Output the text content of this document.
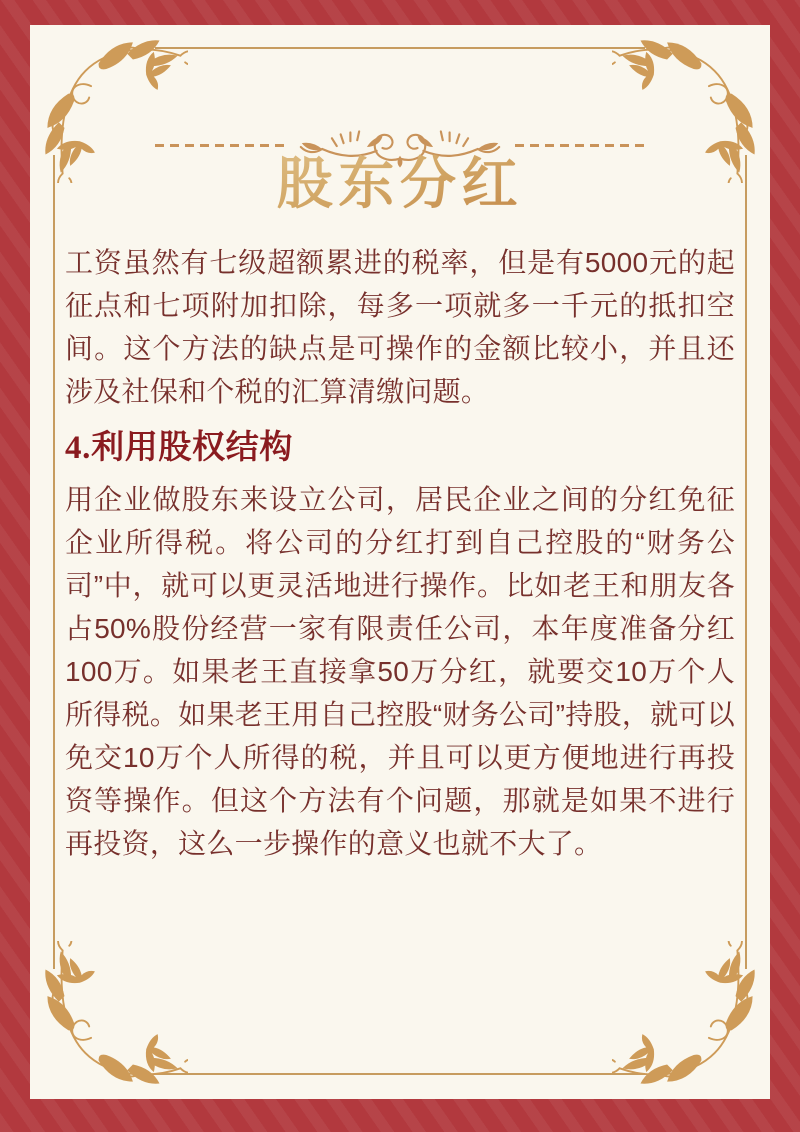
股东分红

工资虽然有七级超额累进的税率，但是有5000元的起征点和七项附加扣除，每多一项就多一千元的抵扣空间。这个方法的缺点是可操作的金额比较小，并且还涉及社保和个税的汇算清缴问题。

4.利用股权结构

用企业做股东来设立公司，居民企业之间的分红免征企业所得税。将公司的分红打到自己控股的“财务公司”中，就可以更灵活地进行操作。比如老王和朋友各占50%股份经营一家有限责任公司，本年度准备分红100万。如果老王直接拿50万分红，就要交10万个人所得税。如果老王用自己控股“财务公司”持股，就可以免交10万个人所得的税，并且可以更方便地进行再投资等操作。但这个方法有个问题，那就是如果不进行再投资，这么一步操作的意义也就不大了。
